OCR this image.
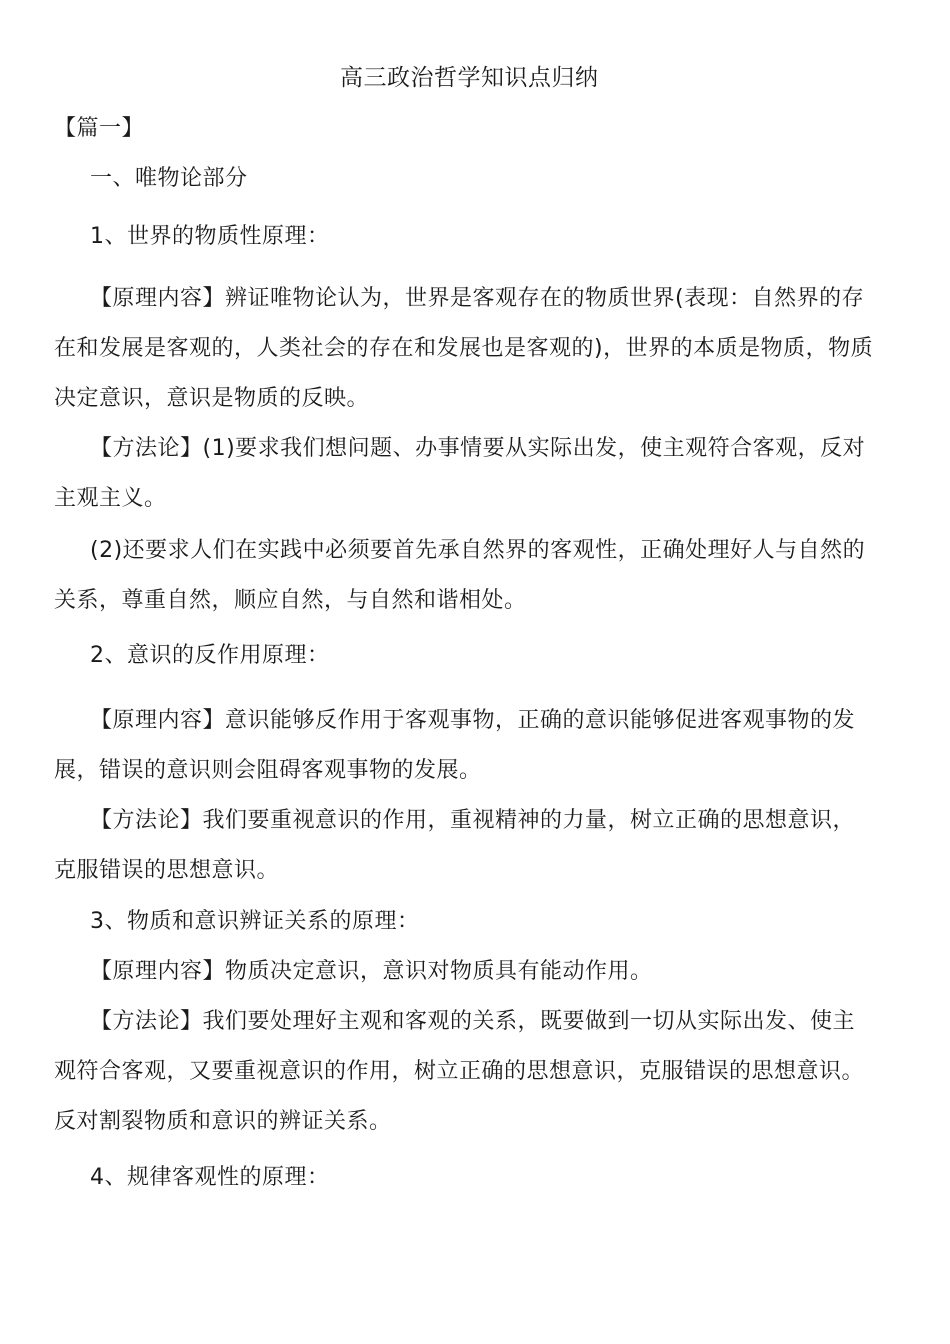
高三政治哲学知识点归纳
【篇一】
一、唯物论部分
1、世界的物质性原理：
【原理内容】辨证唯物论认为，世界是客观存在的物质世界(表现：自然界的存
在和发展是客观的，人类社会的存在和发展也是客观的)，世界的本质是物质，物质
决定意识，意识是物质的反映。
【方法论】(1)要求我们想问题、办事情要从实际出发，使主观符合客观，反对
主观主义。
(2)还要求人们在实践中必须要首先承自然界的客观性，正确处理好人与自然的
关系，尊重自然，顺应自然，与自然和谐相处。
2、意识的反作用原理：
【原理内容】意识能够反作用于客观事物，正确的意识能够促进客观事物的发
展，错误的意识则会阻碍客观事物的发展。
【方法论】我们要重视意识的作用，重视精神的力量，树立正确的思想意识，
克服错误的思想意识。
3、物质和意识辨证关系的原理：
【原理内容】物质决定意识，意识对物质具有能动作用。
【方法论】我们要处理好主观和客观的关系，既要做到一切从实际出发、使主
观符合客观，又要重视意识的作用，树立正确的思想意识，克服错误的思想意识。
反对割裂物质和意识的辨证关系。
4、规律客观性的原理：
